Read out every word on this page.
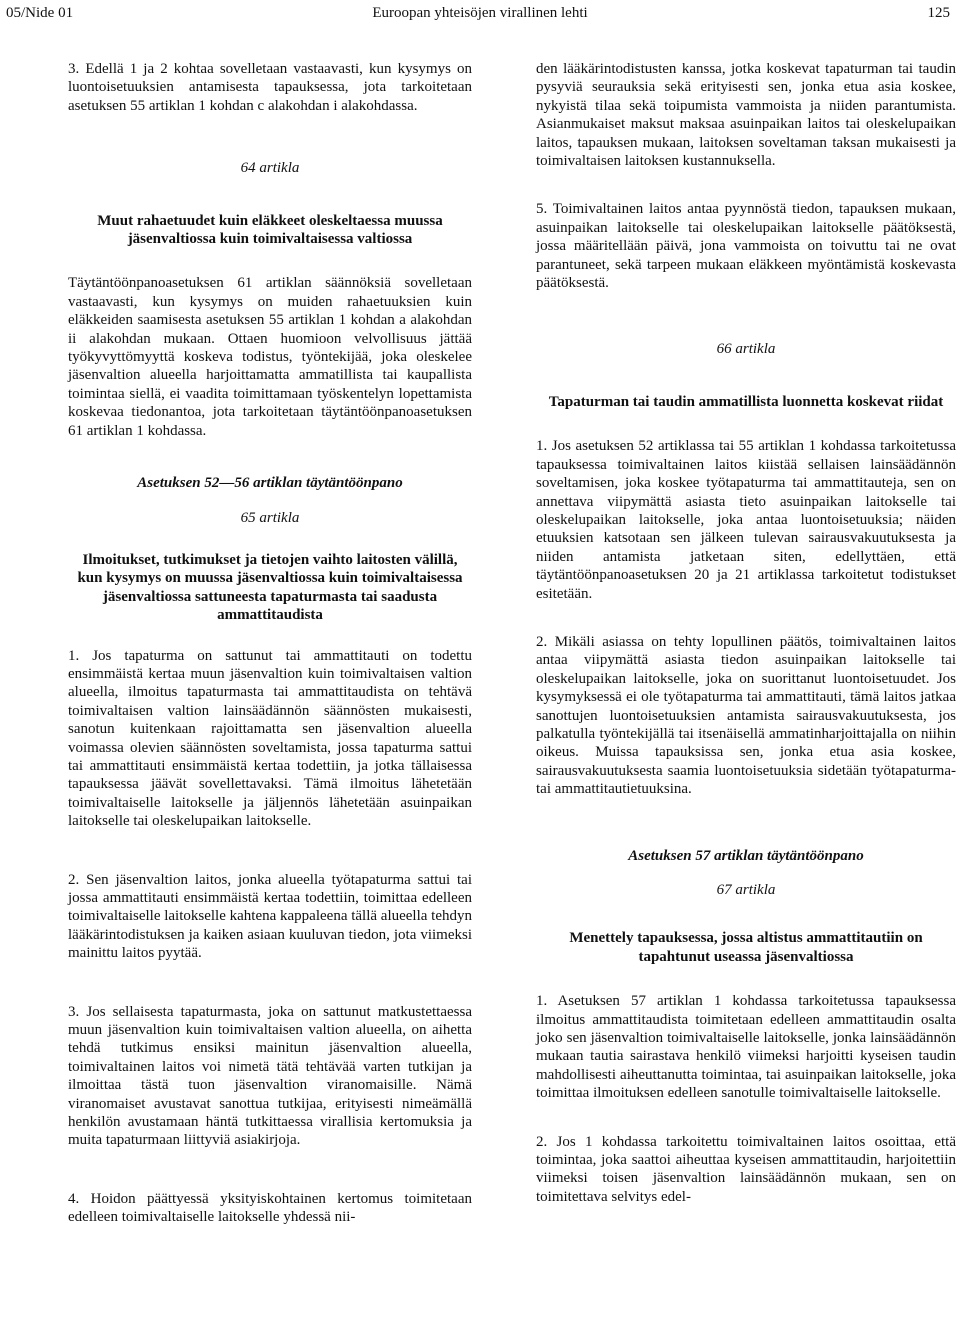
05/Nide 01	Euroopan yhteisöjen virallinen lehti	125

3. Edellä 1 ja 2 kohtaa sovelletaan vastaavasti, kun kysymys on luontoisetuuksien antamisesta tapauksessa, jota tarkoitetaan asetuksen 55 artiklan 1 kohdan c alakohdan i alakohdassa.

64 artikla
Muut rahaetuudet kuin eläkkeet oleskeltaessa muussa jäsenvaltiossa kuin toimivaltaisessa valtiossa

Täytäntöönpanoasetuksen 61 artiklan säännöksiä sovelletaan vastaavasti, kun kysymys on muiden rahaetuuksien kuin eläkkeiden saamisesta asetuksen 55 artiklan 1 kohdan a alakohdan ii alakohdan mukaan. Ottaen huomioon velvollisuus jättää työkyvyttömyyttä koskeva todistus, työntekijää, joka oleskelee jäsenvaltion alueella harjoittamatta ammatillista tai kaupallista toimintaa siellä, ei vaadita toimittamaan työskentelyn lopettamista koskevaa tiedonantoa, jota tarkoitetaan täytäntöönpanoasetuksen 61 artiklan 1 kohdassa.

Asetuksen 52—56 artiklan täytäntöönpano
65 artikla
Ilmoitukset, tutkimukset ja tietojen vaihto laitosten välillä, kun kysymys on muussa jäsenvaltiossa kuin toimivaltaisessa jäsenvaltiossa sattuneesta tapaturmasta tai saadusta ammattitaudista

1. Jos tapaturma on sattunut tai ammattitauti on todettu ensimmäistä kertaa muun jäsenvaltion kuin toimivaltaisen valtion alueella, ilmoitus tapaturmasta tai ammattitaudista on tehtävä toimivaltaisen valtion lainsäädännön säännösten mukaisesti, sanotun kuitenkaan rajoittamatta sen jäsenvaltion alueella voimassa olevien säännösten soveltamista, jossa tapaturma sattui tai ammattitauti ensimmäistä kertaa todettiin, ja jotka tällaisessa tapauksessa jäävät sovellettavaksi. Tämä ilmoitus lähetetään toimivaltaiselle laitokselle ja jäljennös lähetetään asuinpaikan laitokselle tai oleskelupaikan laitokselle.

2. Sen jäsenvaltion laitos, jonka alueella työtapaturma sattui tai jossa ammattitauti ensimmäistä kertaa todettiin, toimittaa edelleen toimivaltaiselle laitokselle kahtena kappaleena tällä alueella tehdyn lääkärintodistuksen ja kaiken asiaan kuuluvan tiedon, jota viimeksi mainittu laitos pyytää.

3. Jos sellaisesta tapaturmasta, joka on sattunut matkustettaessa muun jäsenvaltion kuin toimivaltaisen valtion alueella, on aihetta tehdä tutkimus ensiksi mainitun jäsenvaltion alueella, toimivaltainen laitos voi nimetä tätä tehtävää varten tutkijan ja ilmoittaa tästä tuon jäsenvaltion viranomaisille. Nämä viranomaiset avustavat sanottua tutkijaa, erityisesti nimeämällä henkilön avustamaan häntä tutkittaessa virallisia kertomuksia ja muita tapaturmaan liittyviä asiakirjoja.

4. Hoidon päättyessä yksityiskohtainen kertomus toimitetaan edelleen toimivaltaiselle laitokselle yhdessä nii-

den lääkärintodistusten kanssa, jotka koskevat tapaturman tai taudin pysyviä seurauksia sekä erityisesti sen, jonka etua asia koskee, nykyistä tilaa sekä toipumista vammoista ja niiden parantumista. Asianmukaiset maksut maksaa asuinpaikan laitos tai oleskelupaikan laitos, tapauksen mukaan, laitoksen soveltaman taksan mukaisesti ja toimivaltaisen laitoksen kustannuksella.

5. Toimivaltainen laitos antaa pyynnöstä tiedon, tapauksen mukaan, asuinpaikan laitokselle tai oleskelupaikan laitokselle päätöksestä, jossa määritellään päivä, jona vammoista on toivuttu tai ne ovat parantuneet, sekä tarpeen mukaan eläkkeen myöntämistä koskevasta päätöksestä.

66 artikla
Tapaturman tai taudin ammatillista luonnetta koskevat riidat

1. Jos asetuksen 52 artiklassa tai 55 artiklan 1 kohdassa tarkoitetussa tapauksessa toimivaltainen laitos kiistää sellaisen lainsäädännön soveltamisen, joka koskee työtapaturma tai ammattitauteja, sen on annettava viipymättä asiasta tieto asuinpaikan laitokselle tai oleskelupaikan laitokselle, joka antaa luontoisetuuksia; näiden etuuksien katsotaan sen jälkeen tulevan sairausvakuutuksesta ja niiden antamista jatketaan siten, edellyttäen, että täytäntöönpanoasetuksen 20 ja 21 artiklassa tarkoitetut todistukset esitetään.

2. Mikäli asiassa on tehty lopullinen päätös, toimivaltainen laitos antaa viipymättä asiasta tiedon asuinpaikan laitokselle tai oleskelupaikan laitokselle, joka on suorittanut luontoisetuudet. Jos kysymyksessä ei ole työtapaturma tai ammattitauti, tämä laitos jatkaa sanottujen luontoisetuuksien antamista sairausvakuutuksesta, jos palkatulla työntekijällä tai itsenäisellä ammatinharjoittajalla on niihin oikeus. Muissa tapauksissa sen, jonka etua asia koskee, sairausvakuutuksesta saamia luontoisetuuksia sidetään työtapaturma- tai ammattitautietuuksina.

Asetuksen 57 artiklan täytäntöönpano
67 artikla
Menettely tapauksessa, jossa altistus ammattitautiin on tapahtunut useassa jäsenvaltiossa

1. Asetuksen 57 artiklan 1 kohdassa tarkoitetussa tapauksessa ilmoitus ammattitaudista toimitetaan edelleen ammattitaudin osalta joko sen jäsenvaltion toimivaltaiselle laitokselle, jonka lainsäädännön mukaan tautia sairastava henkilö viimeksi harjoitti kyseisen taudin mahdollisesti aiheuttanutta toimintaa, tai asuinpaikan laitokselle, joka toimittaa ilmoituksen edelleen sanotulle toimivaltaiselle laitokselle.

2. Jos 1 kohdassa tarkoitettu toimivaltainen laitos osoittaa, että toimintaa, joka saattoi aiheuttaa kyseisen ammattitaudin, harjoitettiin viimeksi toisen jäsenvaltion lainsäädännön mukaan, sen on toimitettava selvitys edel-
